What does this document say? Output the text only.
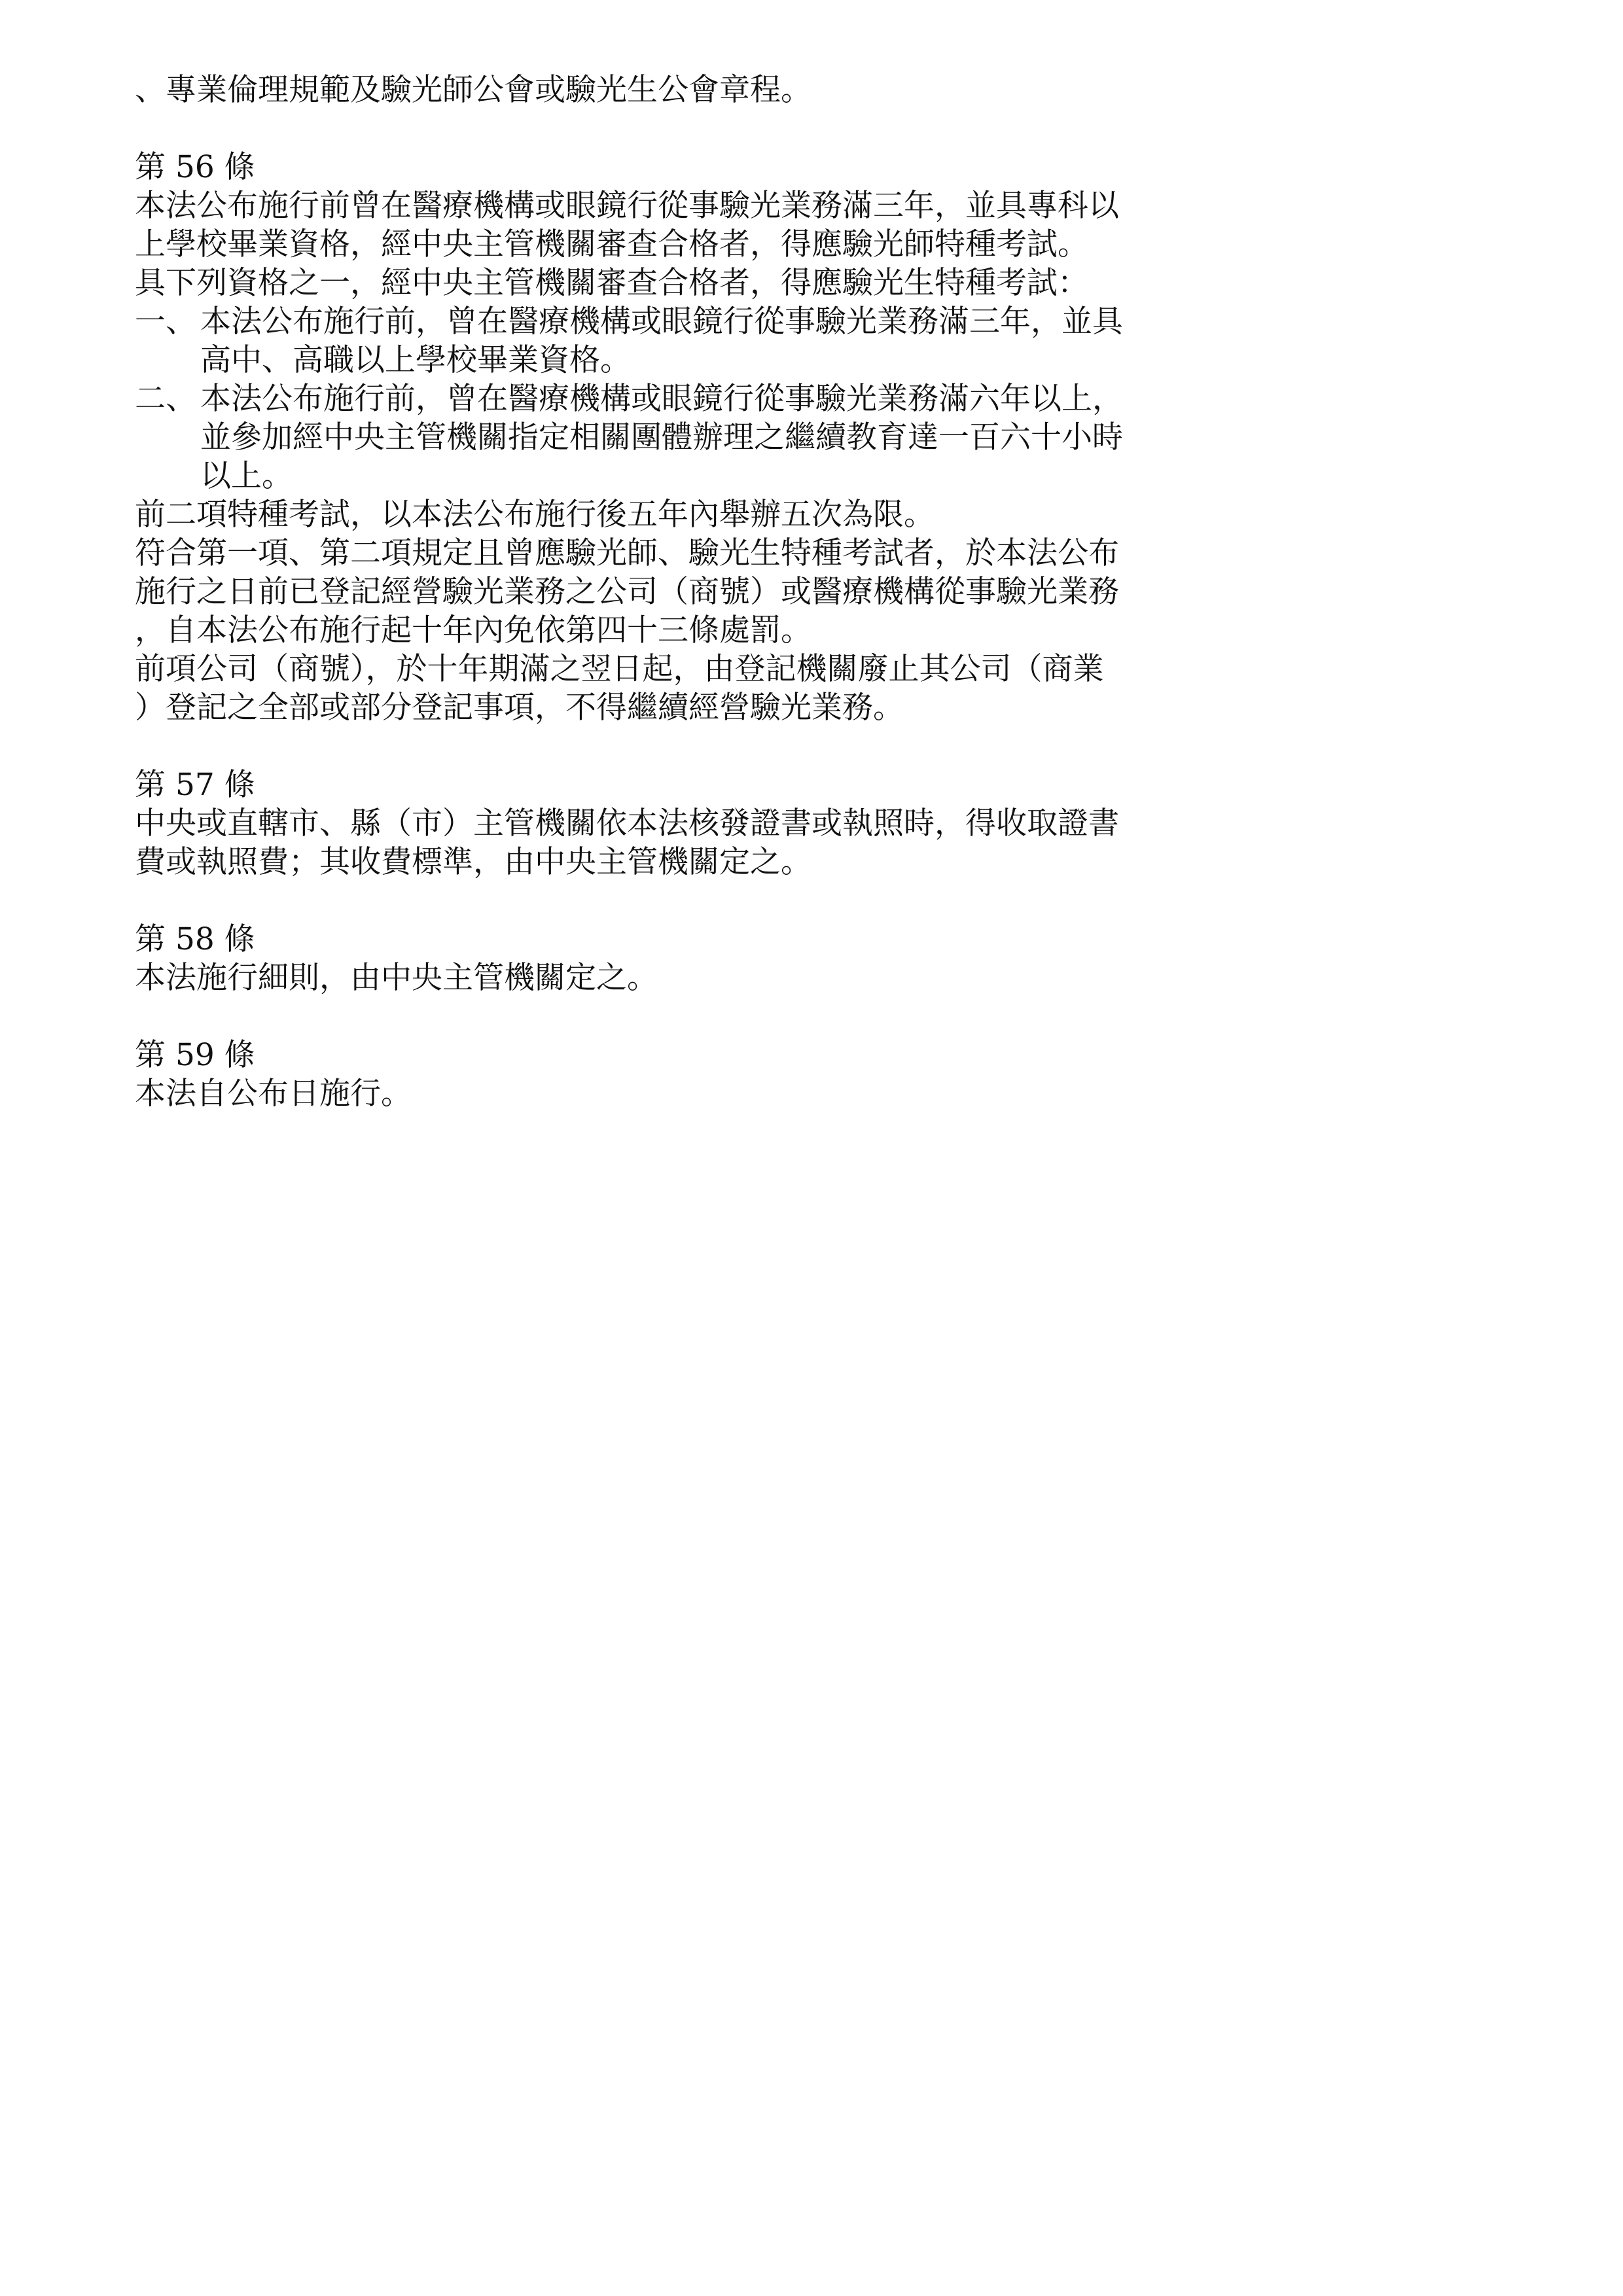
、專業倫理規範及驗光師公會或驗光生公會章程。
第 56 條
本法公布施行前曾在醫療機構或眼鏡行從事驗光業務滿三年，並具專科以
上學校畢業資格，經中央主管機關審查合格者，得應驗光師特種考試。
具下列資格之一，經中央主管機關審查合格者，得應驗光生特種考試：
一、 本法公布施行前，曾在醫療機構或眼鏡行從事驗光業務滿三年，並具
高中、高職以上學校畢業資格。
二、 本法公布施行前，曾在醫療機構或眼鏡行從事驗光業務滿六年以上，
並參加經中央主管機關指定相關團體辦理之繼續教育達一百六十小時
以上。
前二項特種考試，以本法公布施行後五年內舉辦五次為限。
符合第一項、第二項規定且曾應驗光師、驗光生特種考試者，於本法公布
施行之日前已登記經營驗光業務之公司（商號）或醫療機構從事驗光業務
，自本法公布施行起十年內免依第四十三條處罰。
前項公司（商號），於十年期滿之翌日起，由登記機關廢止其公司（商業
）登記之全部或部分登記事項，不得繼續經營驗光業務。
第 57 條
中央或直轄市、縣（市）主管機關依本法核發證書或執照時，得收取證書
費或執照費；其收費標準，由中央主管機關定之。
第 58 條
本法施行細則，由中央主管機關定之。
第 59 條
本法自公布日施行。
